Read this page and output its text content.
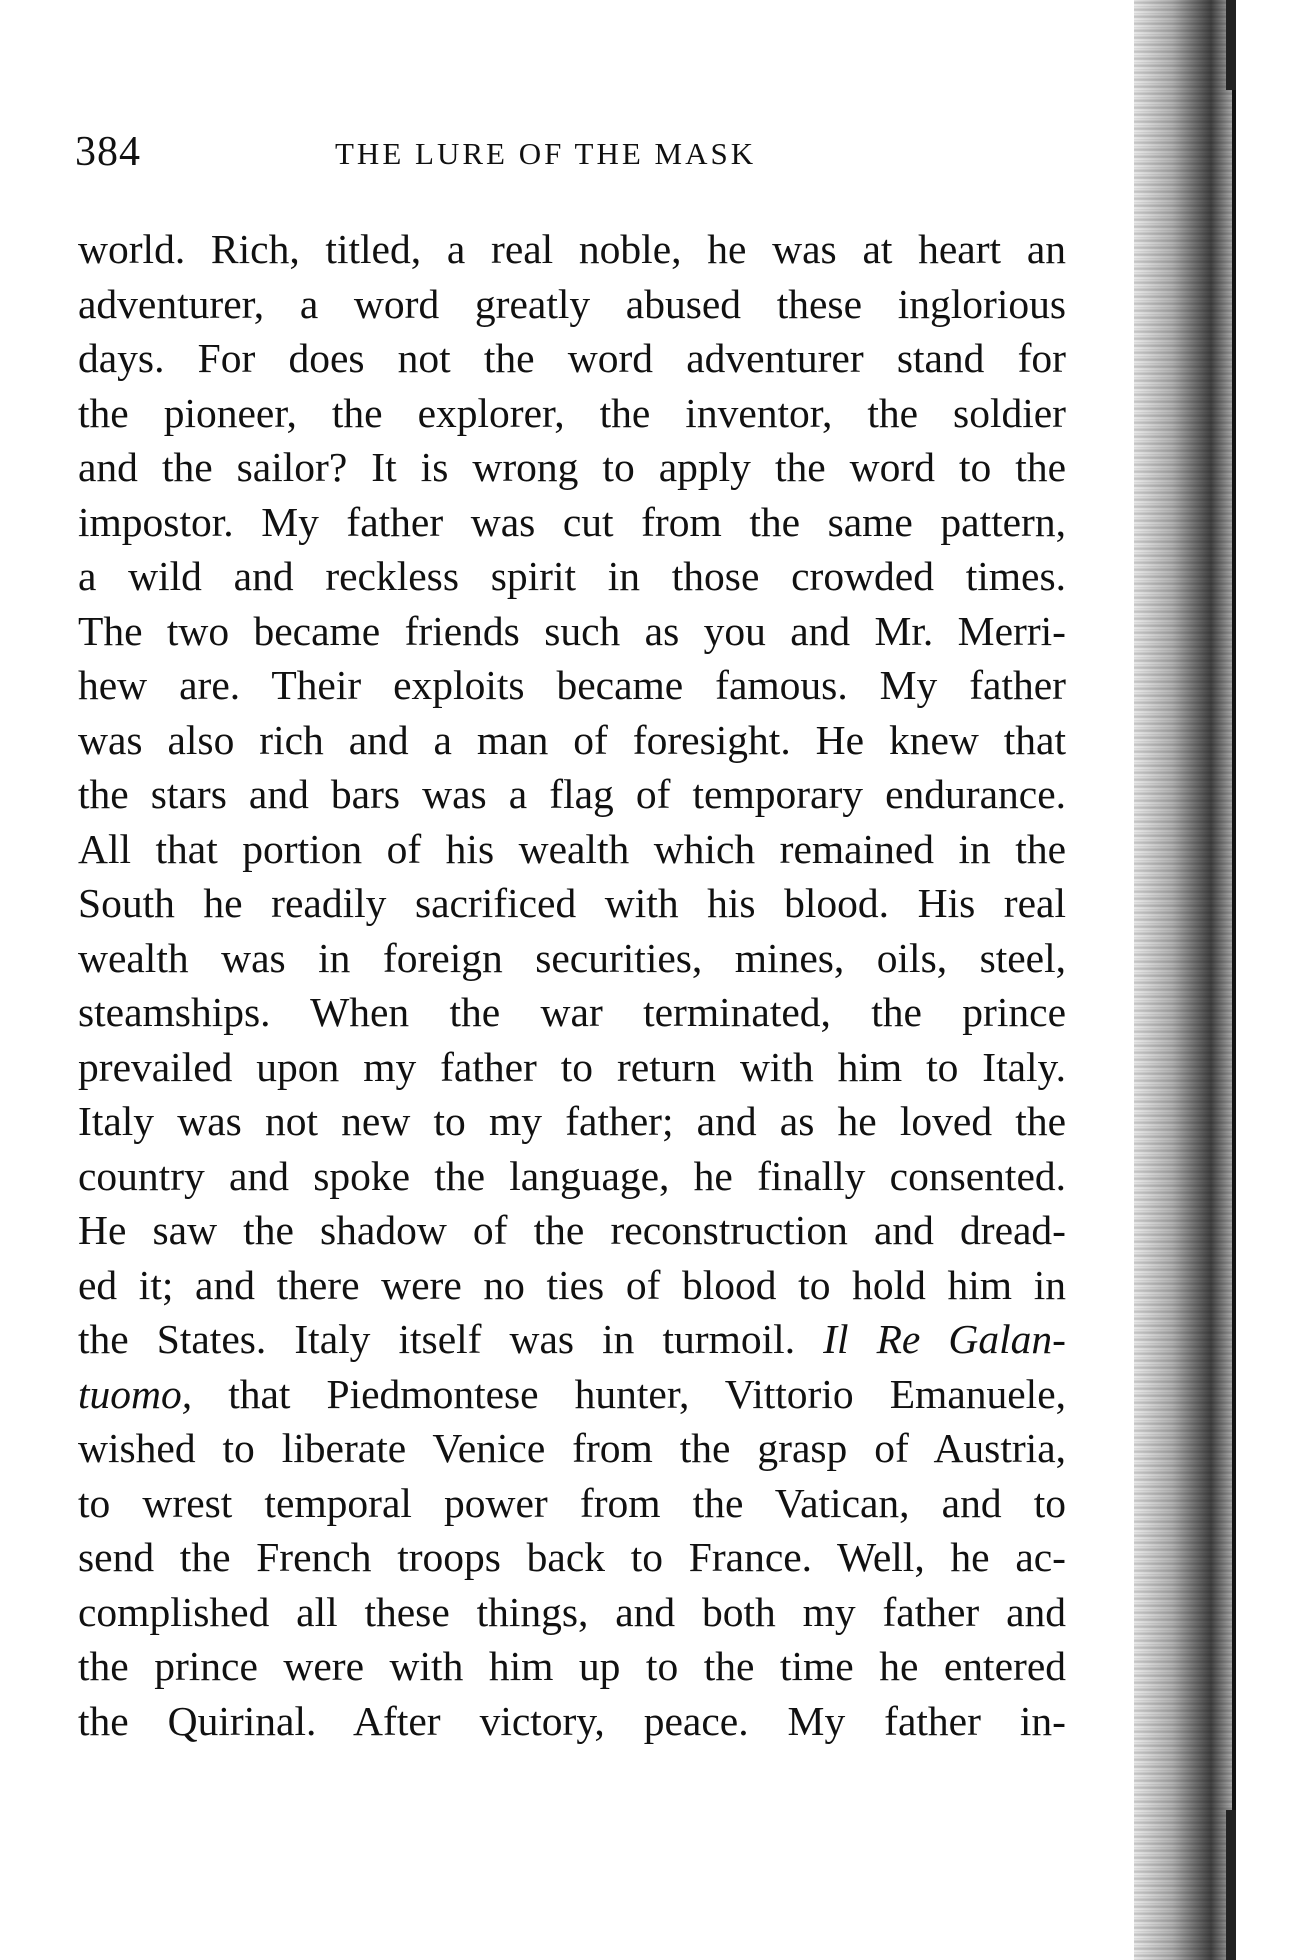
384	THE LURE OF THE MASK
world. Rich, titled, a real noble, he was at heart an
adventurer, a word greatly abused these inglorious
days. For does not the word adventurer stand for
the pioneer, the explorer, the inventor, the soldier
and the sailor? It is wrong to apply the word to the
impostor. My father was cut from the same pattern,
a wild and reckless spirit in those crowded times.
The two became friends such as you and Mr. Merri-
hew are. Their exploits became famous. My father
was also rich and a man of foresight. He knew that
the stars and bars was a flag of temporary endurance.
All that portion of his wealth which remained in the
South he readily sacrificed with his blood. His real
wealth was in foreign securities, mines, oils, steel,
steamships. When the war terminated, the prince
prevailed upon my father to return with him to Italy.
Italy was not new to my father; and as he loved the
country and spoke the language, he finally consented.
He saw the shadow of the reconstruction and dread-
ed it; and there were no ties of blood to hold him in
the States. Italy itself was in turmoil. Il Re Galan-
tuomo, that Piedmontese hunter, Vittorio Emanuele,
wished to liberate Venice from the grasp of Austria,
to wrest temporal power from the Vatican, and to
send the French troops back to France. Well, he ac-
complished all these things, and both my father and
the prince were with him up to the time he entered
the Quirinal. After victory, peace. My father in-
